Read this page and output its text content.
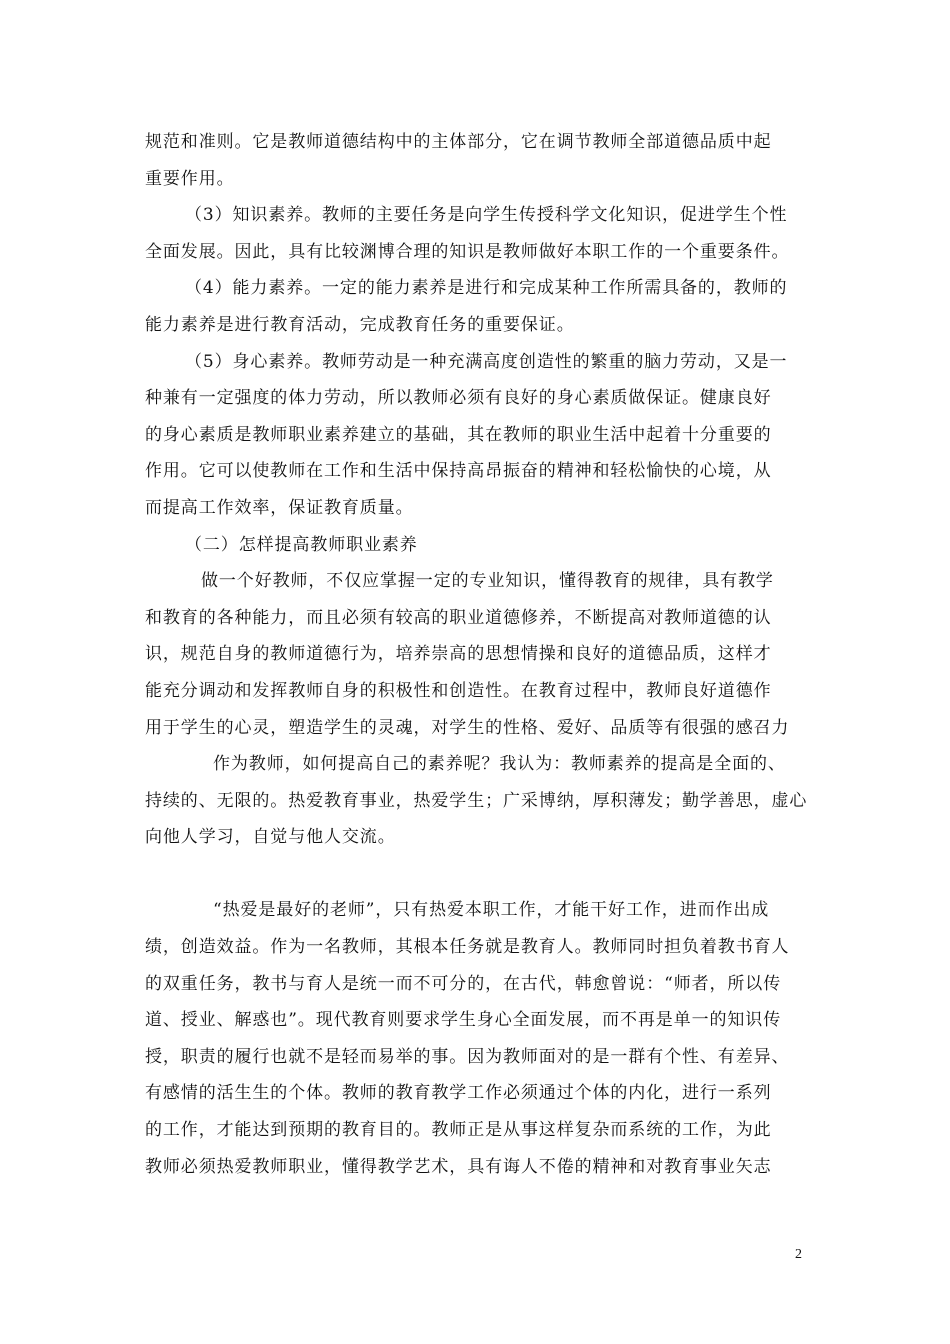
规范和准则。它是教师道德结构中的主体部分，它在调节教师全部道德品质中起
重要作用。
（3）知识素养。教师的主要任务是向学生传授科学文化知识，促进学生个性
全面发展。因此，具有比较渊博合理的知识是教师做好本职工作的一个重要条件。
（4）能力素养。一定的能力素养是进行和完成某种工作所需具备的，教师的
能力素养是进行教育活动，完成教育任务的重要保证。
（5）身心素养。教师劳动是一种充满高度创造性的繁重的脑力劳动，又是一
种兼有一定强度的体力劳动，所以教师必须有良好的身心素质做保证。健康良好
的身心素质是教师职业素养建立的基础，其在教师的职业生活中起着十分重要的
作用。它可以使教师在工作和生活中保持高昂振奋的精神和轻松愉快的心境，从
而提高工作效率，保证教育质量。
（二）怎样提高教师职业素养
做一个好教师，不仅应掌握一定的专业知识，懂得教育的规律，具有教学
和教育的各种能力，而且必须有较高的职业道德修养，不断提高对教师道德的认
识，规范自身的教师道德行为，培养崇高的思想情操和良好的道德品质，这样才
能充分调动和发挥教师自身的积极性和创造性。在教育过程中，教师良好道德作
用于学生的心灵，塑造学生的灵魂，对学生的性格、爱好、品质等有很强的感召力
作为教师，如何提高自己的素养呢？我认为：教师素养的提高是全面的、
持续的、无限的。热爱教育事业，热爱学生；广采博纳，厚积薄发；勤学善思，虚心
向他人学习，自觉与他人交流。
“热爱是最好的老师”，只有热爱本职工作，才能干好工作，进而作出成
绩，创造效益。作为一名教师，其根本任务就是教育人。教师同时担负着教书育人
的双重任务，教书与育人是统一而不可分的，在古代，韩愈曾说：“师者，所以传
道、授业、解惑也”。现代教育则要求学生身心全面发展，而不再是单一的知识传
授，职责的履行也就不是轻而易举的事。因为教师面对的是一群有个性、有差异、
有感情的活生生的个体。教师的教育教学工作必须通过个体的内化，进行一系列
的工作，才能达到预期的教育目的。教师正是从事这样复杂而系统的工作，为此
教师必须热爱教师职业，懂得教学艺术，具有诲人不倦的精神和对教育事业矢志
2
